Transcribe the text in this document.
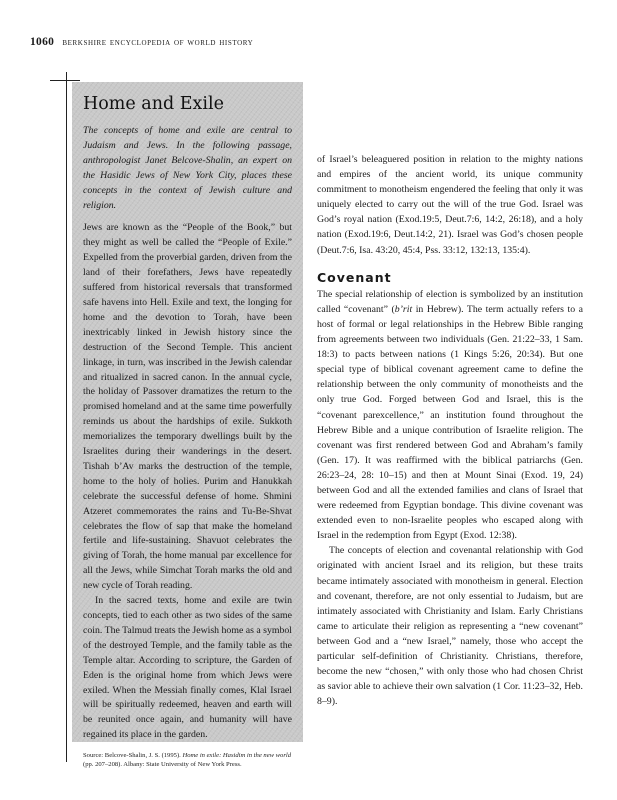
1060 berkshire encyclopedia of world history
Home and Exile

The concepts of home and exile are central to Judaism and Jews. In the following passage, anthropologist Janet Belcove-Shalin, an expert on the Hasidic Jews of New York City, places these concepts in the context of Jewish culture and religion.

Jews are known as the “People of the Book,” but they might as well be called the “People of Exile.” Expelled from the proverbial garden, driven from the land of their forefathers, Jews have repeatedly suffered from historical reversals that transformed safe havens into Hell. Exile and text, the longing for home and the devotion to Torah, have been inextricably linked in Jewish history since the destruction of the Second Temple. This ancient linkage, in turn, was inscribed in the Jewish calendar and ritualized in sacred canon. In the annual cycle, the holiday of Passover dramatizes the return to the promised homeland and at the same time powerfully reminds us about the hardships of exile. Sukkoth memorializes the temporary dwellings built by the Israelites during their wanderings in the desert. Tishah b’Av marks the destruction of the temple, home to the holy of holies. Purim and Hanukkah celebrate the successful defense of home. Shmini Atzeret commemorates the rains and Tu-Be-Shvat celebrates the flow of sap that make the homeland fertile and life-sustaining. Shavuot celebrates the giving of Torah, the home manual par excellence for all the Jews, while Simchat Torah marks the old and new cycle of Torah reading.

In the sacred texts, home and exile are twin concepts, tied to each other as two sides of the same coin. The Talmud treats the Jewish home as a symbol of the destroyed Temple, and the family table as the Temple altar. According to scripture, the Garden of Eden is the original home from which Jews were exiled. When the Messiah finally comes, Klal Israel will be spiritually redeemed, heaven and earth will be reunited once again, and humanity will have regained its place in the garden.

Source: Belcove-Shalin, J. S. (1995). Home in exile: Hasidim in the new world (pp. 207–208). Albany: State University of New York Press.

of Israel’s beleaguered position in relation to the mighty nations and empires of the ancient world, its unique community commitment to monotheism engendered the feeling that only it was uniquely elected to carry out the will of the true God. Israel was God’s royal nation (Exod.19:5, Deut.7:6, 14:2, 26:18), and a holy nation (Exod.19:6, Deut.14:2, 21). Israel was God’s chosen people (Deut.7:6, Isa. 43:20, 45:4, Pss. 33:12, 132:13, 135:4).

Covenant

The special relationship of election is symbolized by an institution called “covenant” (b’rit in Hebrew). The term actually refers to a host of formal or legal relationships in the Hebrew Bible ranging from agreements between two individuals (Gen. 21:22–33, 1 Sam. 18:3) to pacts between nations (1 Kings 5:26, 20:34). But one special type of biblical covenant agreement came to define the relationship between the only community of monotheists and the only true God. Forged between God and Israel, this is the “covenant parexcellence,” an institution found throughout the Hebrew Bible and a unique contribution of Israelite religion. The covenant was first rendered between God and Abraham’s family (Gen. 17). It was reaffirmed with the biblical patriarchs (Gen. 26:23–24, 28: 10–15) and then at Mount Sinai (Exod. 19, 24) between God and all the extended families and clans of Israel that were redeemed from Egyptian bondage. This divine covenant was extended even to non-Israelite peoples who escaped along with Israel in the redemption from Egypt (Exod. 12:38).

The concepts of election and covenantal relationship with God originated with ancient Israel and its religion, but these traits became intimately associated with monotheism in general. Election and covenant, therefore, are not only essential to Judaism, but are intimately associated with Christianity and Islam. Early Christians came to articulate their religion as representing a “new covenant” between God and a “new Israel,” namely, those who accept the particular self-definition of Christianity. Christians, therefore, become the new “chosen,” with only those who had chosen Christ as savior able to achieve their own salvation (1 Cor. 11:23–32, Heb. 8–9).
